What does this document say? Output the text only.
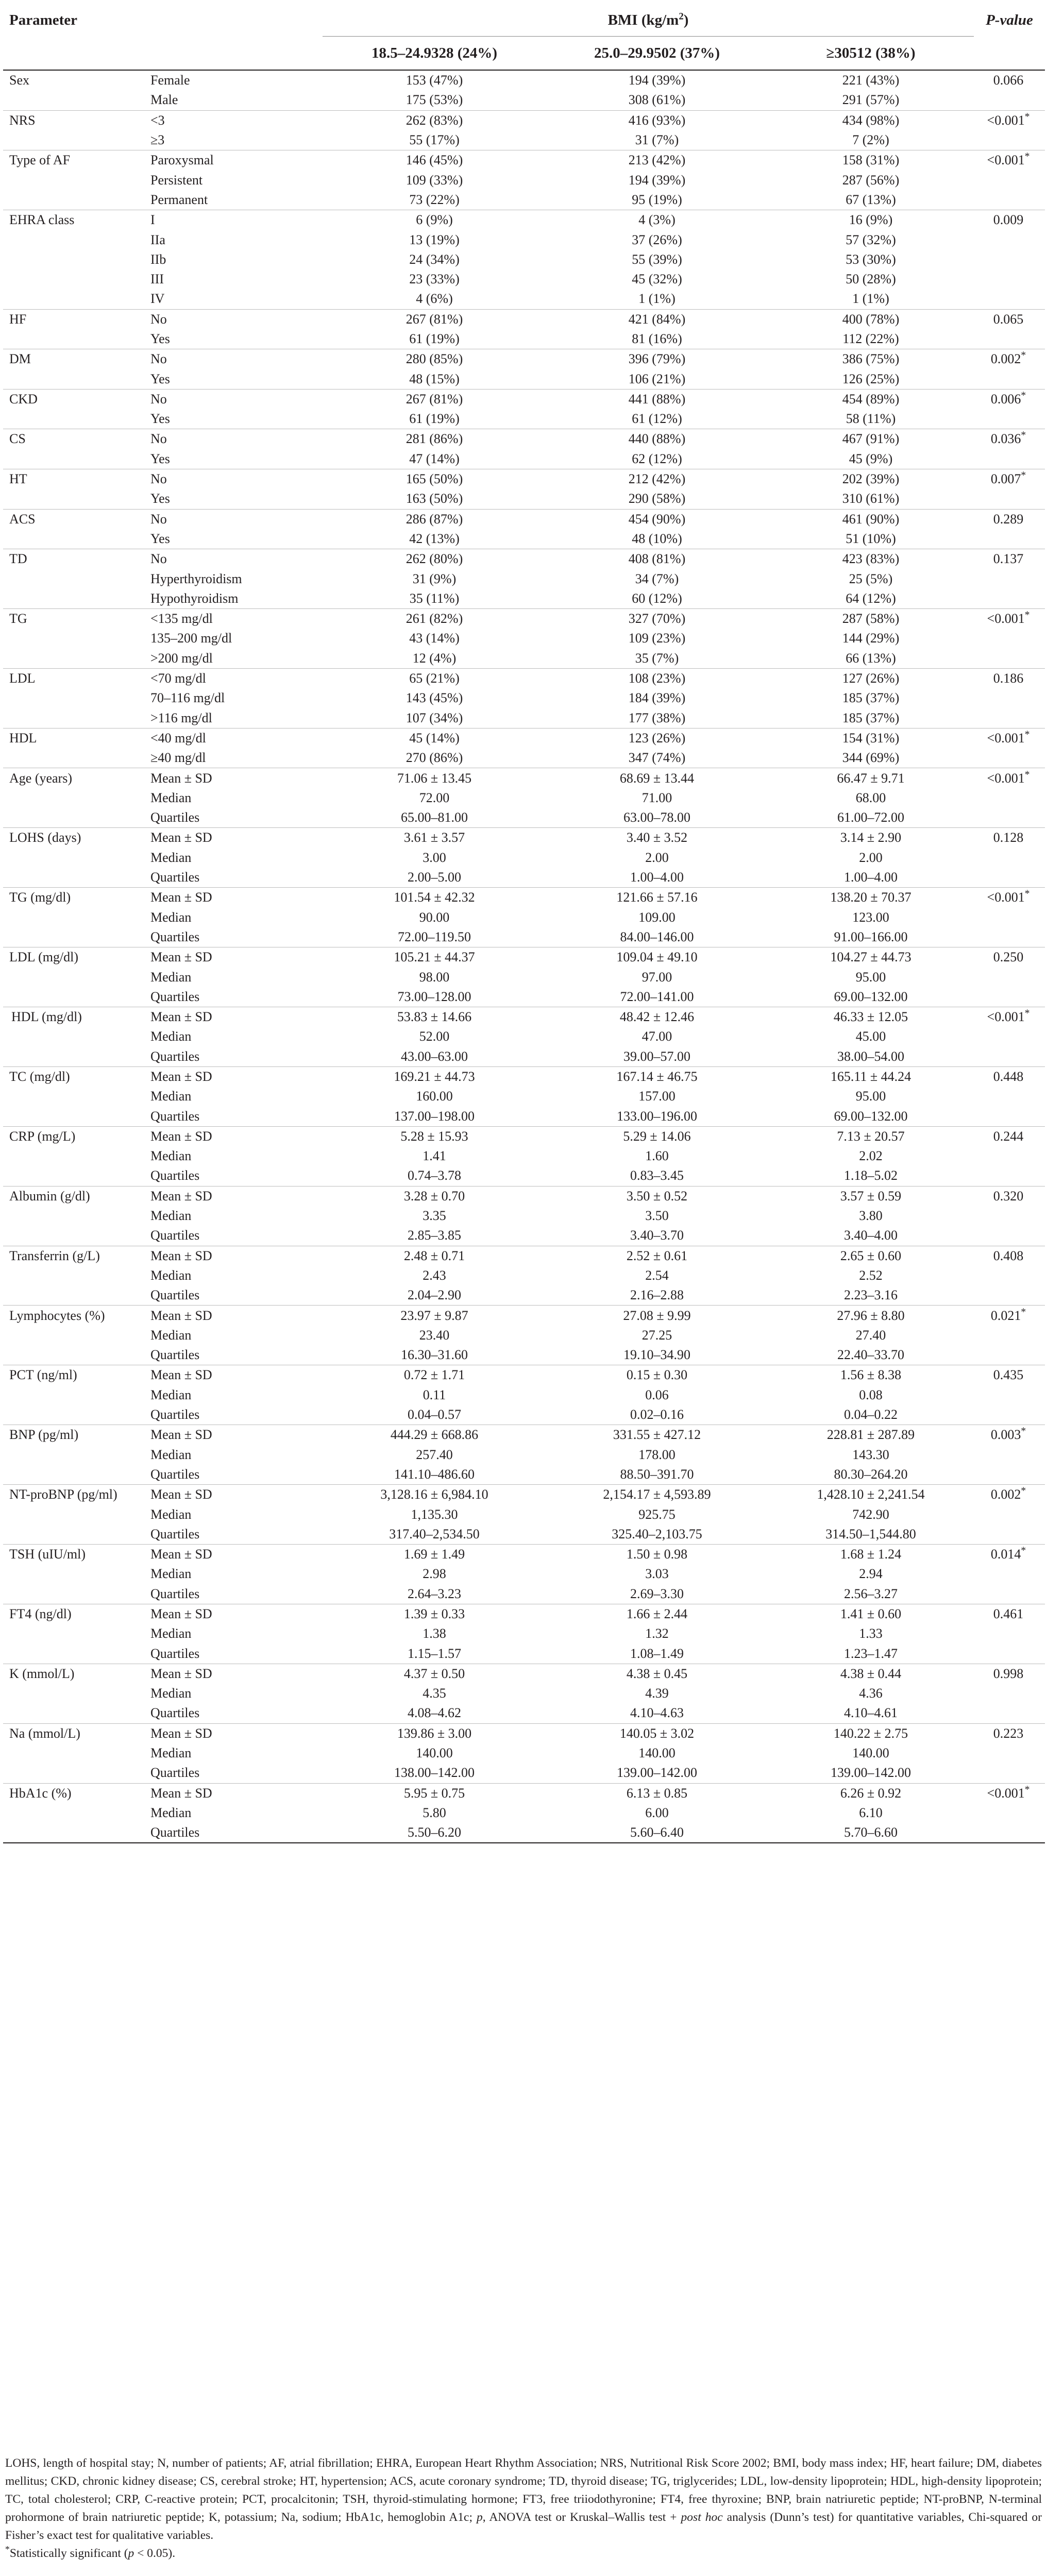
Parameter		BMI $(kg/m^2)$			P-value
		18.5–24.9328 (24%)	25.0–29.9502 (37%)	≥30512 (38%)	
Sex	Female	153 (47%)	194 (39%)	221 (43%)	0.066
	Male	175 (53%)	308 (61%)	291 (57%)	
NRS	<3	262 (83%)	416 (93%)	434 (98%)	<0.001*
	≥3	55 (17%)	31 (7%)	7 (2%)	
Type of AF	Paroxysmal	146 (45%)	213 (42%)	158 (31%)	<0.001*
	Persistent	109 (33%)	194 (39%)	287 (56%)	
	Permanent	73 (22%)	95 (19%)	67 (13%)	
EHRA class	I	6 (9%)	4 (3%)	16 (9%)	0.009
	IIa	13 (19%)	37 (26%)	57 (32%)	
	IIb	24 (34%)	55 (39%)	53 (30%)	
	III	23 (33%)	45 (32%)	50 (28%)	
	IV	4 (6%)	1 (1%)	1 (1%)	
HF	No	267 (81%)	421 (84%)	400 (78%)	0.065
	Yes	61 (19%)	81 (16%)	112 (22%)	
DM	No	280 (85%)	396 (79%)	386 (75%)	0.002*
	Yes	48 (15%)	106 (21%)	126 (25%)	
CKD	No	267 (81%)	441 (88%)	454 (89%)	0.006*
	Yes	61 (19%)	61 (12%)	58 (11%)	
CS	No	281 (86%)	440 (88%)	467 (91%)	0.036*
	Yes	47 (14%)	62 (12%)	45 (9%)	
HT	No	165 (50%)	212 (42%)	202 (39%)	0.007*
	Yes	163 (50%)	290 (58%)	310 (61%)	
ACS	No	286 (87%)	454 (90%)	461 (90%)	0.289
	Yes	42 (13%)	48 (10%)	51 (10%)	
TD	No	262 (80%)	408 (81%)	423 (83%)	0.137
	Hyperthyroidism	31 (9%)	34 (7%)	25 (5%)	
	Hypothyroidism	35 (11%)	60 (12%)	64 (12%)	
TG	<135 mg/dl	261 (82%)	327 (70%)	287 (58%)	<0.001*
	135–200 mg/dl	43 (14%)	109 (23%)	144 (29%)	
	>200 mg/dl	12 (4%)	35 (7%)	66 (13%)	
LDL	<70 mg/dl	65 (21%)	108 (23%)	127 (26%)	0.186
	70–116 mg/dl	143 (45%)	184 (39%)	185 (37%)	
	>116 mg/dl	107 (34%)	177 (38%)	185 (37%)	
HDL	<40 mg/dl	45 (14%)	123 (26%)	154 (31%)	<0.001*
	≥40 mg/dl	270 (86%)	347 (74%)	344 (69%)	
Age (years)	Mean ± SD	71.06 ± 13.45	68.69 ± 13.44	66.47 ± 9.71	<0.001*
	Median	72.00	71.00	68.00	
	Quartiles	65.00–81.00	63.00–78.00	61.00–72.00	
LOHS (days)	Mean ± SD	3.61 ± 3.57	3.40 ± 3.52	3.14 ± 2.90	0.128
	Median	3.00	2.00	2.00	
	Quartiles	2.00–5.00	1.00–4.00	1.00–4.00	
TG (mg/dl)	Mean ± SD	101.54 ± 42.32	121.66 ± 57.16	138.20 ± 70.37	<0.001*
	Median	90.00	109.00	123.00	
	Quartiles	72.00–119.50	84.00–146.00	91.00–166.00	
LDL (mg/dl)	Mean ± SD	105.21 ± 44.37	109.04 ± 49.10	104.27 ± 44.73	0.250
	Median	98.00	97.00	95.00	
	Quartiles	73.00–128.00	72.00–141.00	69.00–132.00	
HDL (mg/dl)	Mean ± SD	53.83 ± 14.66	48.42 ± 12.46	46.33 ± 12.05	<0.001*
	Median	52.00	47.00	45.00	
	Quartiles	43.00–63.00	39.00–57.00	38.00–54.00	
TC (mg/dl)	Mean ± SD	169.21 ± 44.73	167.14 ± 46.75	165.11 ± 44.24	0.448
	Median	160.00	157.00	95.00	
	Quartiles	137.00–198.00	133.00–196.00	69.00–132.00	
CRP (mg/L)	Mean ± SD	5.28 ± 15.93	5.29 ± 14.06	7.13 ± 20.57	0.244
	Median	1.41	1.60	2.02	
	Quartiles	0.74–3.78	0.83–3.45	1.18–5.02	
Albumin (g/dl)	Mean ± SD	3.28 ± 0.70	3.50 ± 0.52	3.57 ± 0.59	0.320
	Median	3.35	3.50	3.80	
	Quartiles	2.85–3.85	3.40–3.70	3.40–4.00	
Transferrin (g/L)	Mean ± SD	2.48 ± 0.71	2.52 ± 0.61	2.65 ± 0.60	0.408
	Median	2.43	2.54	2.52	
	Quartiles	2.04–2.90	2.16–2.88	2.23–3.16	
Lymphocytes (%)	Mean ± SD	23.97 ± 9.87	27.08 ± 9.99	27.96 ± 8.80	0.021*
	Median	23.40	27.25	27.40	
	Quartiles	16.30–31.60	19.10–34.90	22.40–33.70	
PCT (ng/ml)	Mean ± SD	0.72 ± 1.71	0.15 ± 0.30	1.56 ± 8.38	0.435
	Median	0.11	0.06	0.08	
	Quartiles	0.04–0.57	0.02–0.16	0.04–0.22	
BNP (pg/ml)	Mean ± SD	444.29 ± 668.86	331.55 ± 427.12	228.81 ± 287.89	0.003*
	Median	257.40	178.00	143.30	
	Quartiles	141.10–486.60	88.50–391.70	80.30–264.20	
NT-proBNP (pg/ml)	Mean ± SD	3,128.16 ± 6,984.10	2,154.17 ± 4,593.89	1,428.10 ± 2,241.54	0.002*
	Median	1,135.30	925.75	742.90	
	Quartiles	317.40–2,534.50	325.40–2,103.75	314.50–1,544.80	
TSH (uIU/ml)	Mean ± SD	1.69 ± 1.49	1.50 ± 0.98	1.68 ± 1.24	0.014*
	Median	2.98	3.03	2.94	
	Quartiles	2.64–3.23	2.69–3.30	2.56–3.27	
FT4 (ng/dl)	Mean ± SD	1.39 ± 0.33	1.66 ± 2.44	1.41 ± 0.60	0.461
	Median	1.38	1.32	1.33	
	Quartiles	1.15–1.57	1.08–1.49	1.23–1.47	
K (mmol/L)	Mean ± SD	4.37 ± 0.50	4.38 ± 0.45	4.38 ± 0.44	0.998
	Median	4.35	4.39	4.36	
	Quartiles	4.08–4.62	4.10–4.63	4.10–4.61	
Na (mmol/L)	Mean ± SD	139.86 ± 3.00	140.05 ± 3.02	140.22 ± 2.75	0.223
	Median	140.00	140.00	140.00	
	Quartiles	138.00–142.00	139.00–142.00	139.00–142.00	
HbA1c (%)	Mean ± SD	5.95 ± 0.75	6.13 ± 0.85	6.26 ± 0.92	<0.001*
	Median	5.80	6.00	6.10	
	Quartiles	5.50–6.20	5.60–6.40	5.70–6.60	

LOHS, length of hospital stay; N, number of patients; AF, atrial fibrillation; EHRA, European Heart Rhythm Association; NRS, Nutritional Risk Score 2002; BMI, body mass index; HF, heart failure; DM, diabetes mellitus; CKD, chronic kidney disease; CS, cerebral stroke; HT, hypertension; ACS, acute coronary syndrome; TD, thyroid disease; TG, triglycerides; LDL, low-density lipoprotein; HDL, high-density lipoprotein; TC, total cholesterol; CRP, C-reactive protein; PCT, procalcitonin; TSH, thyroid-stimulating hormone; FT3, free triiodothyronine; FT4, free thyroxine; BNP, brain natriuretic peptide; NT-proBNP, N-terminal prohormone of brain natriuretic peptide; K, potassium; Na, sodium; HbA1c, hemoglobin A1c; p, ANOVA test or Kruskal–Wallis test + post hoc analysis (Dunn’s test) for quantitative variables, Chi-squared or Fisher’s exact test for qualitative variables.

*Statistically significant (p < 0.05).
